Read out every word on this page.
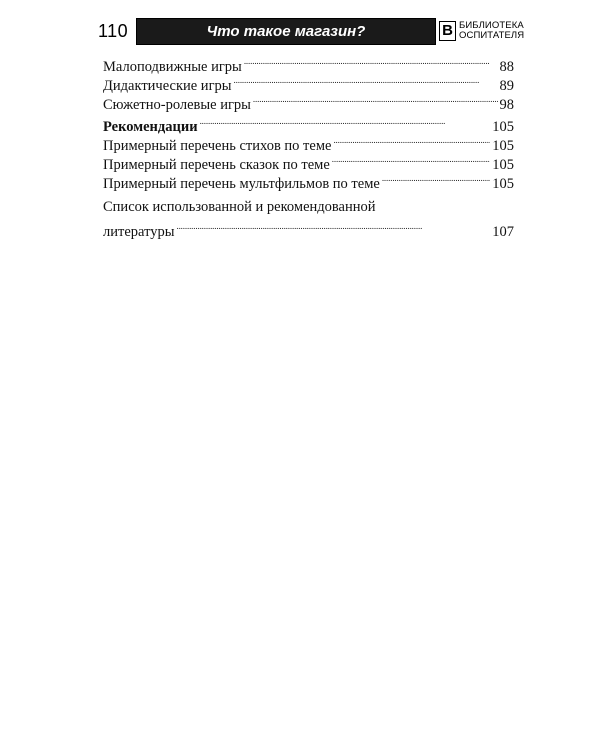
110	Что такое магазин?	В БИБЛИОТЕКА
ОСПИТАТЕЛЯ
Малоподвижные игры . . .	88
Дидактические игры . . .	89
Сюжетно-ролевые игры . . .	98
Рекомендации . . .	105
Примерный перечень стихов по теме . . .	105
Примерный перечень сказок по теме . . .	105
Примерный перечень мультфильмов по теме . . .	105
Список использованной и рекомендованной
литературы . . .	107
